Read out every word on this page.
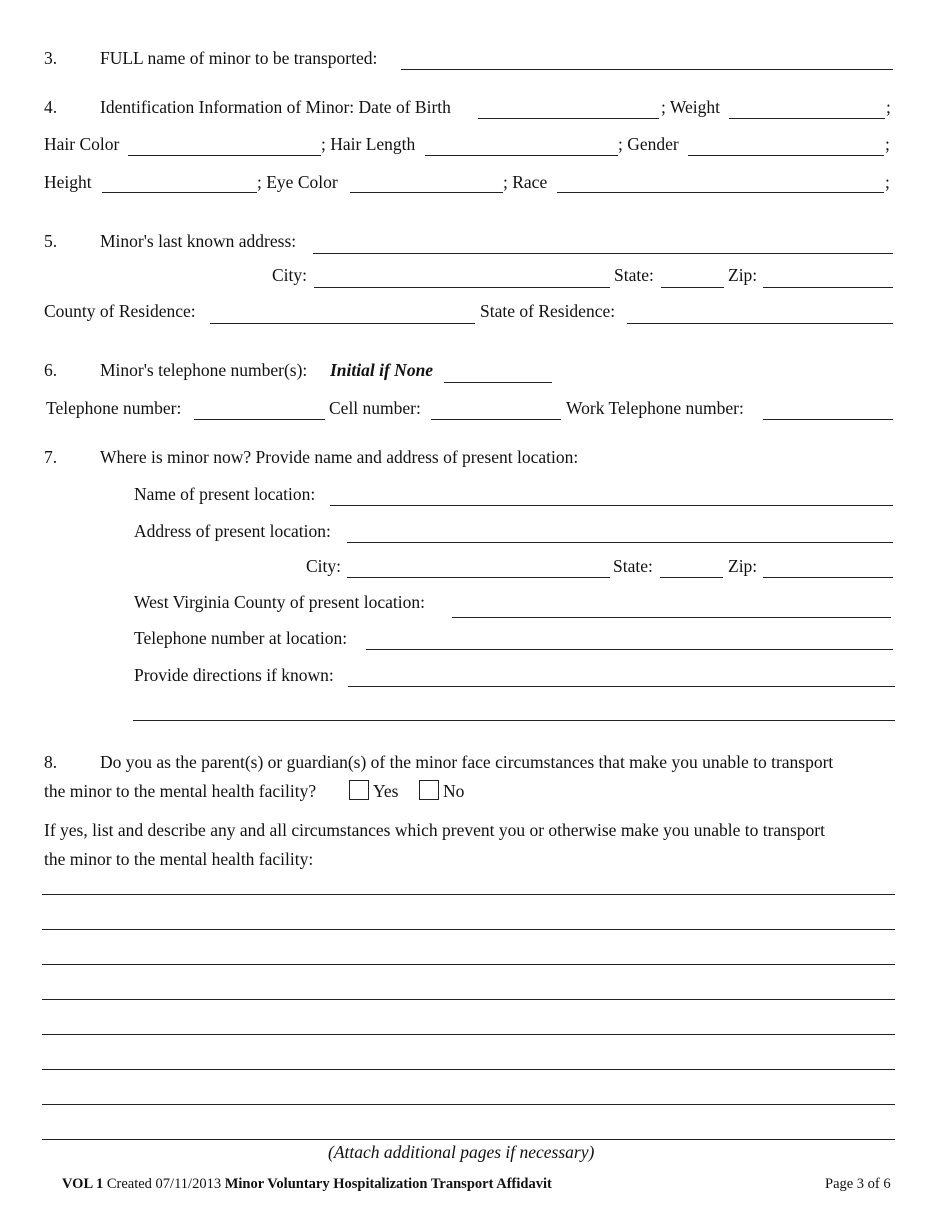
3. FULL name of minor to be transported:
4. Identification Information of Minor: Date of Birth	; Weight	;
Hair Color	; Hair Length	; Gender	;
Height	; Eye Color	; Race	;
5. Minor's last known address:
City:	State:	Zip:
County of Residence:	State of Residence:
6. Minor's telephone number(s): Initial if None
Telephone number:	Cell number:	Work Telephone number:
7. Where is minor now? Provide name and address of present location:
Name of present location:
Address of present location:
City:	State:	Zip:
West Virginia County of present location:
Telephone number at location:
Provide directions if known:
8. Do you as the parent(s) or guardian(s) of the minor face circumstances that make you unable to transport
the minor to the mental health facility?	Yes	No
If yes, list and describe any and all circumstances which prevent you or otherwise make you unable to transport
the minor to the mental health facility:
(Attach additional pages if necessary)
VOL 1 Created 07/11/2013 Minor Voluntary Hospitalization Transport Affidavit	Page 3 of 6
